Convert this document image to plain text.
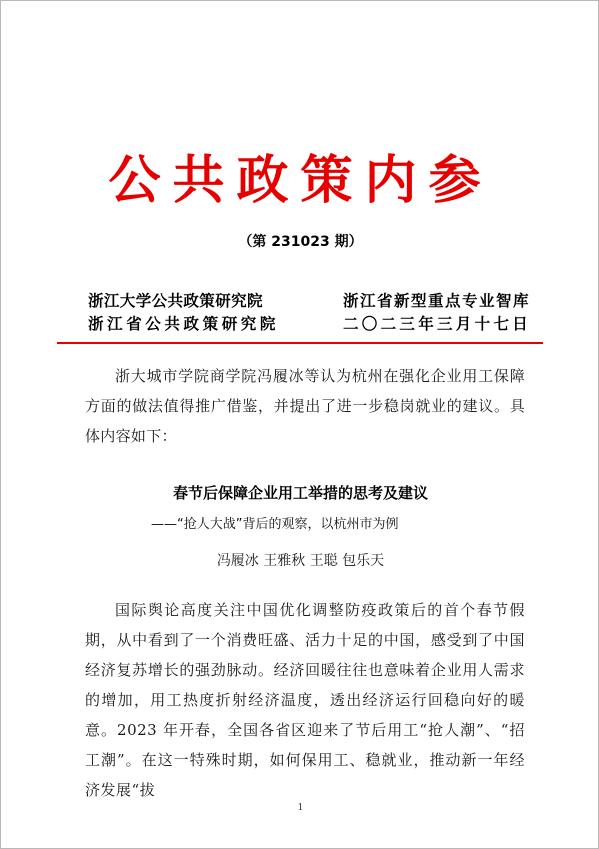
公共政策内参
（第 231023 期）
浙江大学公共政策研究院
浙江省公共政策研究院
浙江省新型重点专业智库
二〇二三年三月十七日

浙大城市学院商学院冯履冰等认为杭州在强化企业用工保障方面的做法值得推广借鉴，并提出了进一步稳岗就业的建议。具体内容如下：

春节后保障企业用工举措的思考及建议
——“抢人大战”背后的观察，以杭州市为例
冯履冰 王雅秋 王聪 包乐天

国际舆论高度关注中国优化调整防疫政策后的首个春节假期，从中看到了一个消费旺盛、活力十足的中国，感受到了中国经济复苏增长的强劲脉动。经济回暖往往也意味着企业用人需求的增加，用工热度折射经济温度，透出经济运行回稳向好的暖意。2023 年开春，全国各省区迎来了节后用工“抢人潮”、“招工潮”。在这一特殊时期，如何保用工、稳就业，推动新一年经济发展“拔

1
